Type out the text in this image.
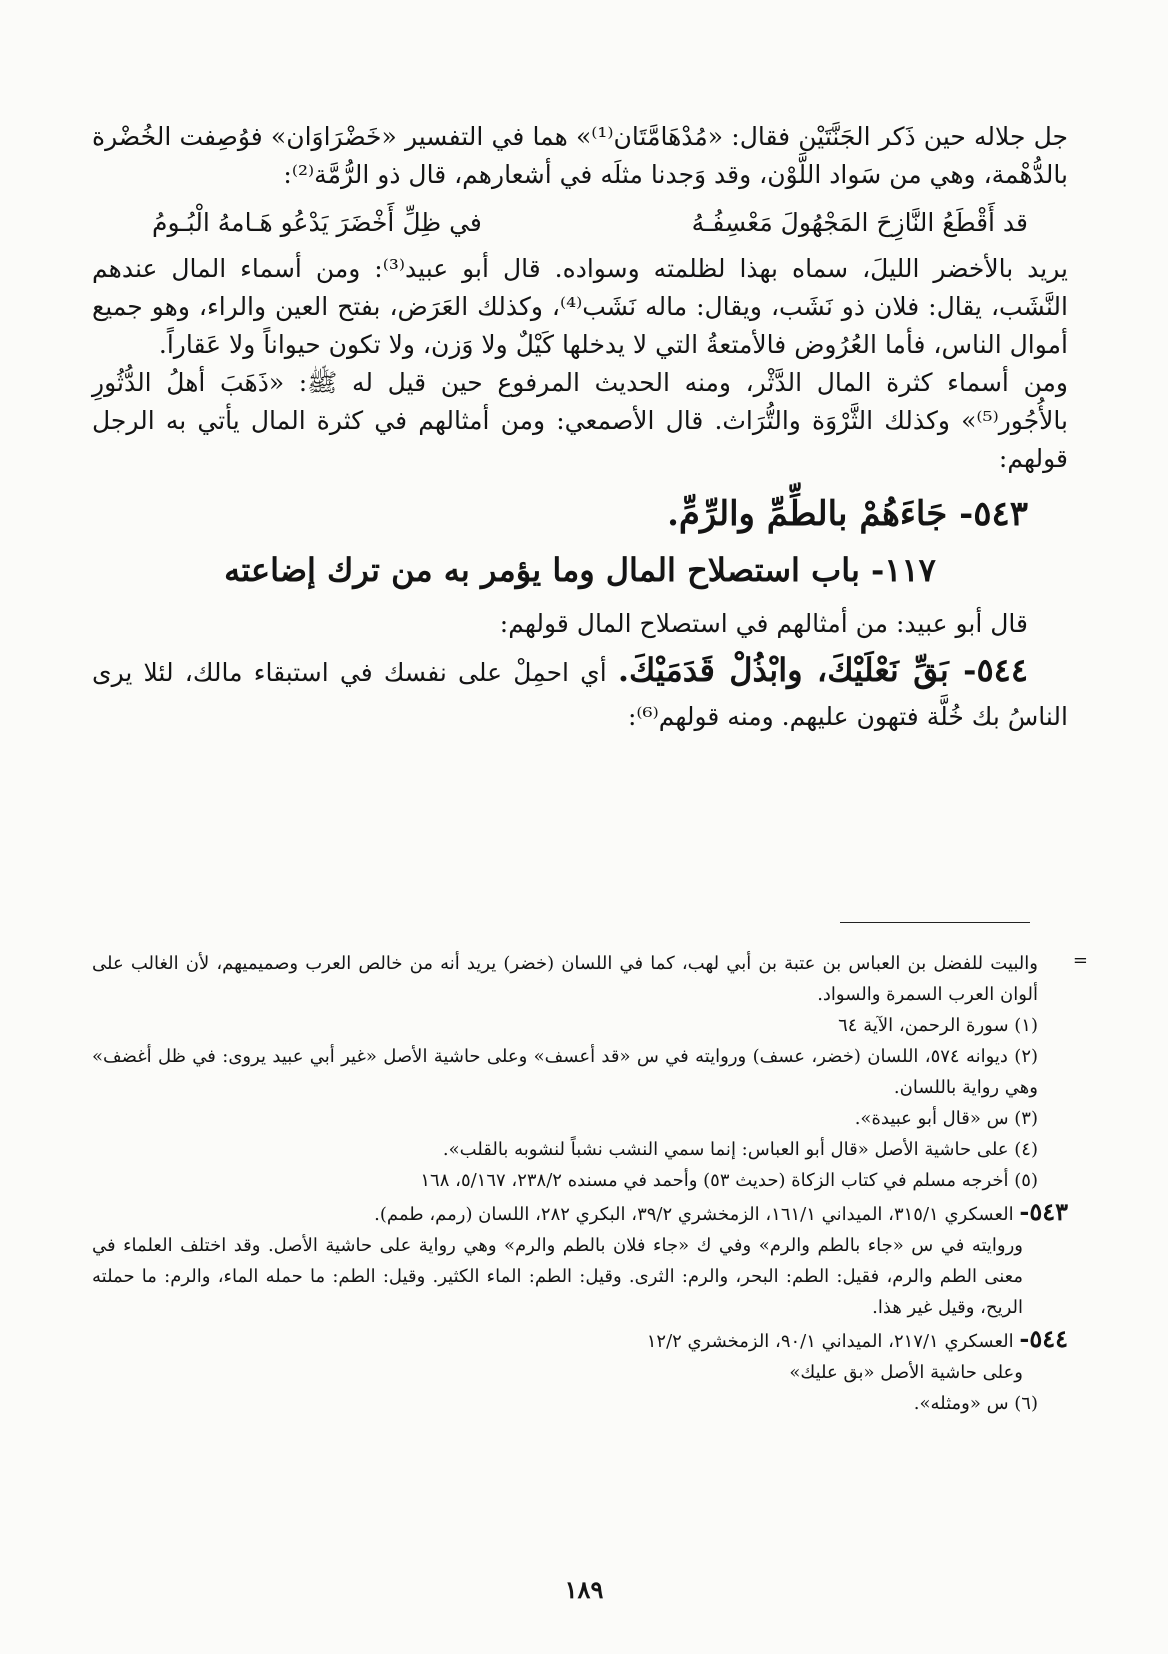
جل جلاله حين ذَكر الجَنَّتَيْن فقال: «مُدْهَامَّتَان⁽¹⁾» هما في التفسير «خَضْرَاوَان» فوُصِفت الخُضْرة بالدُّهْمة، وهي من سَواد اللَّوْن، وقد وَجدنا مثلَه في أشعارهم، قال ذو الرُّمَّة⁽²⁾:

قد أَقْطَعُ النَّازِحَ المَجْهُولَ مَعْسِفُـهُ
في ظِلِّ أَخْضَرَ يَدْعُو هَـامهُ الْبُـومُ

يريد بالأخضر الليلَ، سماه بهذا لظلمته وسواده. قال أبو عبيد⁽³⁾: ومن أسماء المال عندهم النَّشَب، يقال: فلان ذو نَشَب، ويقال: ماله نَشَب⁽⁴⁾، وكذلك العَرَض، بفتح العين والراء، وهو جميع أموال الناس، فأما العُرُوض فالأمتعةُ التي لا يدخلها كَيْلٌ ولا وَزن، ولا تكون حيواناً ولا عَقاراً.

ومن أسماء كثرة المال الدَّثْر، ومنه الحديث المرفوع حين قيل له ﷺ: «ذَهَبَ أهلُ الدُّثُورِ بالأُجُور⁽⁵⁾» وكذلك الثَّرْوَة والتُّرَاث. قال الأصمعي: ومن أمثالهم في كثرة المال يأتي به الرجل قولهم:

٥٤٣- جَاءَهُمْ بالطِّمِّ والرِّمِّ.
١١٧- باب استصلاح المال وما يؤمر به من ترك إضاعته

قال أبو عبيد: من أمثالهم في استصلاح المال قولهم:

٥٤٤- بَقِّ نَعْلَيْكَ، وابْذُلْ قَدَمَيْكَ. أي احمِلْ على نفسك في استبقاء مالك، لئلا يرى الناسُ بك خُلَّة فتهون عليهم. ومنه قولهم⁽⁶⁾:

=

والبيت للفضل بن العباس بن عتبة بن أبي لهب، كما في اللسان (خضر) يريد أنه من خالص العرب وصميميهم، لأن الغالب على ألوان العرب السمرة والسواد.

(١) سورة الرحمن، الآية ٦٤

(٢) ديوانه ٥٧٤، اللسان (خضر، عسف) وروايته في س «قد أعسف» وعلى حاشية الأصل «غير أبي عبيد يروى: في ظل أغضف» وهي رواية باللسان.

(٣) س «قال أبو عبيدة».

(٤) على حاشية الأصل «قال أبو العباس: إنما سمي النشب نشباً لنشوبه بالقلب».

(٥) أخرجه مسلم في كتاب الزكاة (حديث ٥٣) وأحمد في مسنده ٢٣٨/٢، ٥/١٦٧، ١٦٨

٥٤٣- العسكري ٣١٥/١، الميداني ١٦١/١، الزمخشري ٣٩/٢، البكري ٢٨٢، اللسان (رمم، طمم).

وروايته في س «جاء بالطم والرم» وفي ك «جاء فلان بالطم والرم» وهي رواية على حاشية الأصل. وقد اختلف العلماء في معنى الطم والرم، فقيل: الطم: البحر، والرم: الثرى. وقيل: الطم: الماء الكثير. وقيل: الطم: ما حمله الماء، والرم: ما حملته الريح، وقيل غير هذا.

٥٤٤- العسكري ٢١٧/١، الميداني ٩٠/١، الزمخشري ١٢/٢

وعلى حاشية الأصل «بق عليك»

(٦) س «ومثله».

١٨٩
